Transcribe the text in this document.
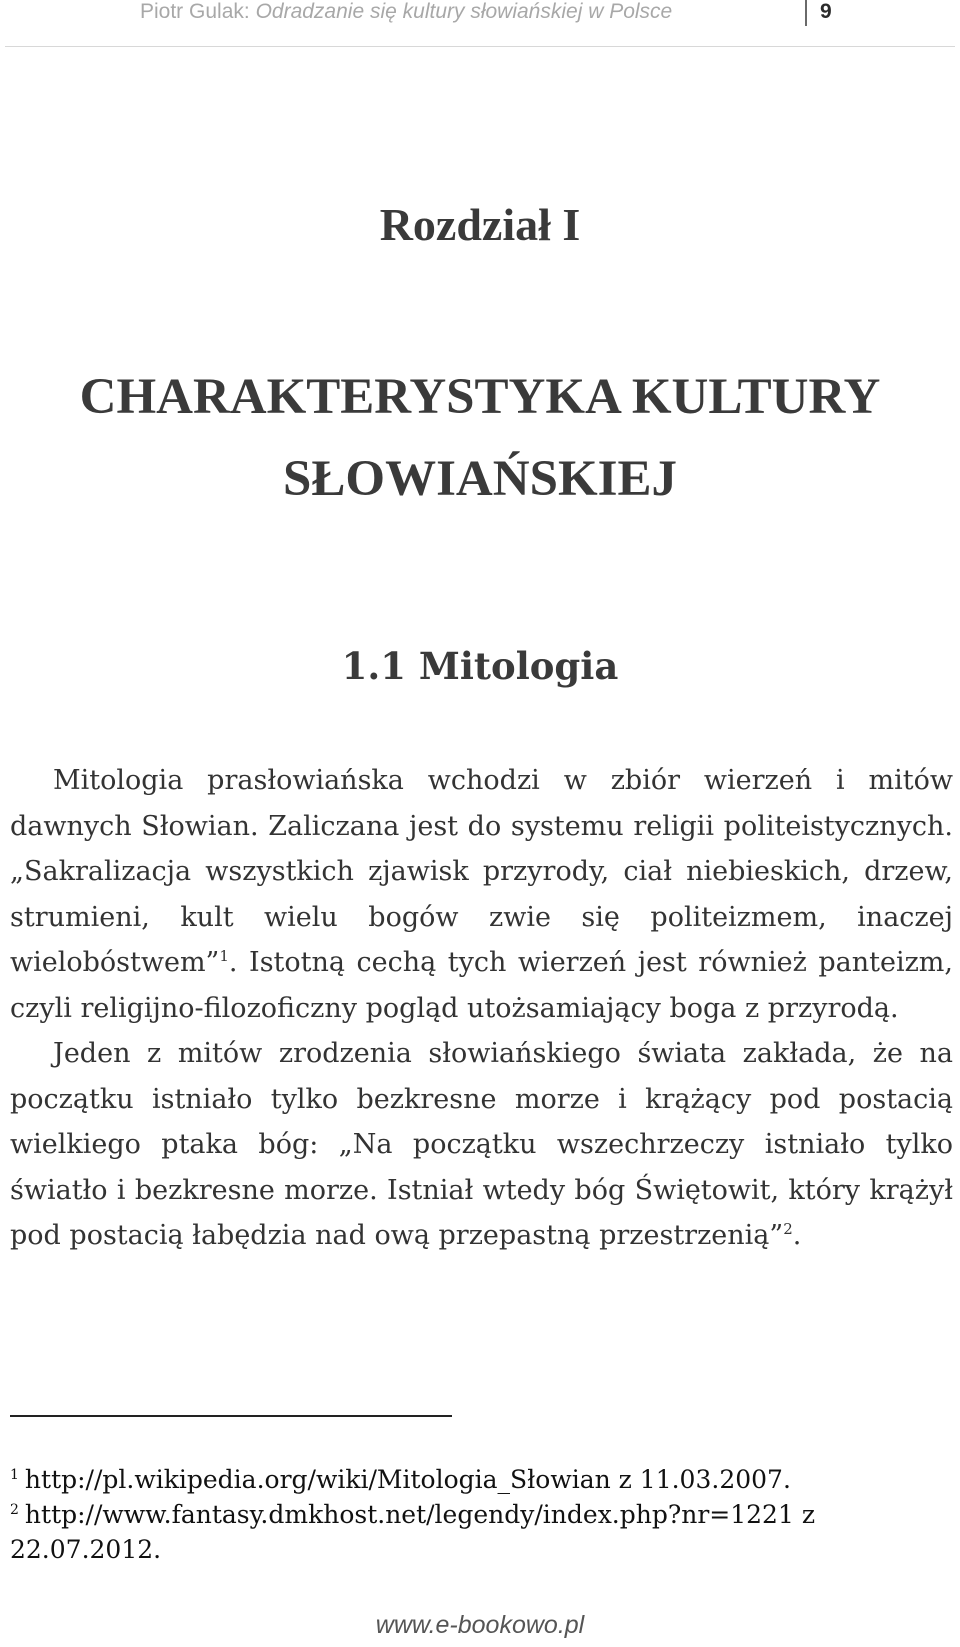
Piotr Gulak: Odradzanie się kultury słowiańskiej w Polsce	9
Rozdział I
CHARAKTERYSTYKA KULTURY SŁOWIAŃSKIEJ
1.1 Mitologia

Mitologia prasłowiańska wchodzi w zbiór wierzeń i mitów dawnych Słowian. Zaliczana jest do systemu religii politeistycznych. „Sakralizacja wszystkich zjawisk przyrody, ciał niebieskich, drzew, strumieni, kult wielu bogów zwie się politeizmem, inaczej wielobóstwem”$^1$. Istotną cechą tych wierzeń jest również panteizm, czyli religijno-filozoficzny pogląd utożsamiający boga z przyrodą.

Jeden z mitów zrodzenia słowiańskiego świata zakłada, że na początku istniało tylko bezkresne morze i krążący pod postacią wielkiego ptaka bóg: „Na początku wszechrzeczy istniało tylko światło i bezkresne morze. Istniał wtedy bóg Świętowit, który krążył pod postacią łabędzia nad ową przepastną przestrzenią”$^2$.

$^1$ http://pl.wikipedia.org/wiki/Mitologia_Słowian z 11.03.2007.
$^2$ http://www.fantasy.dmkhost.net/legendy/index.php?nr=1221 z 22.07.2012.
www.e-bookowo.pl
